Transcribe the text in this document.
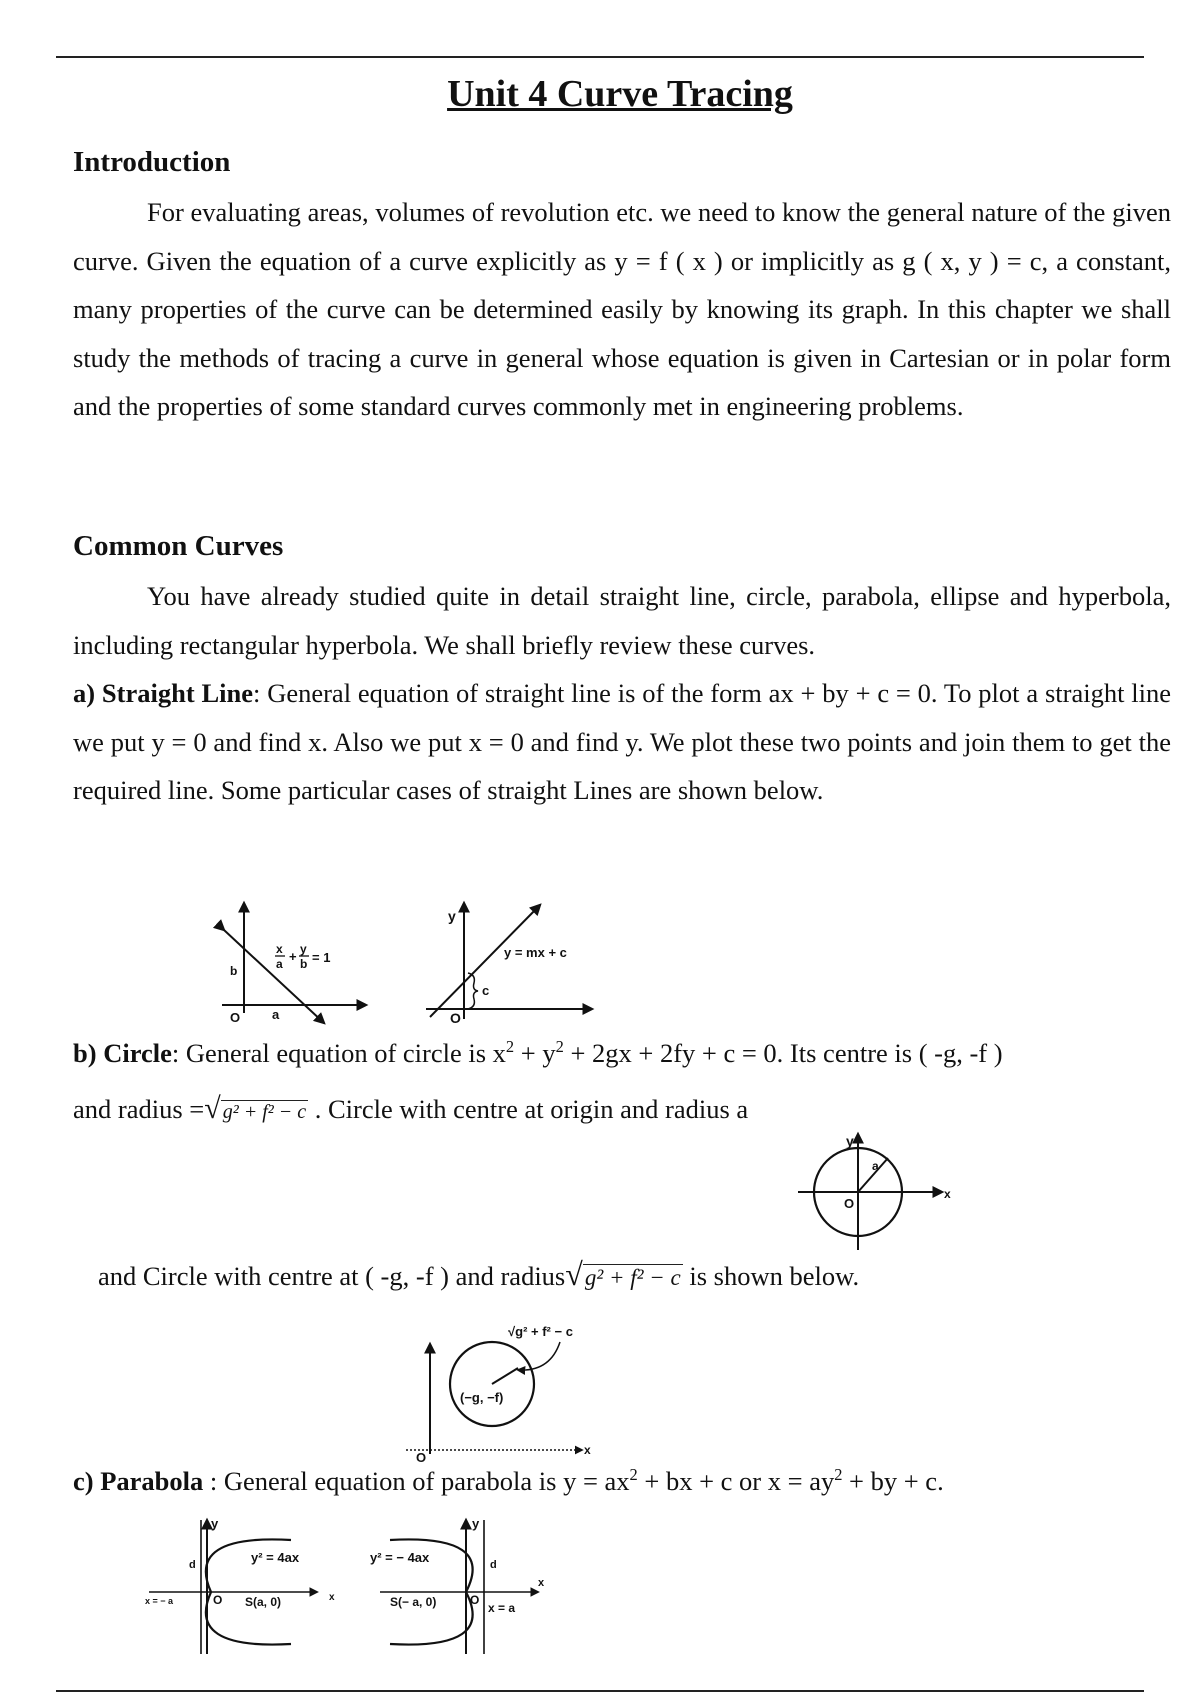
Unit 4 Curve Tracing
Introduction

For evaluating areas, volumes of revolution etc. we need to know the general nature of the given curve. Given the equation of a curve explicitly as y = f ( x ) or implicitly as g ( x, y ) = c, a constant, many properties of the curve can be determined easily by knowing its graph. In this chapter we shall study the methods of tracing a curve in general whose equation is given in Cartesian or in polar form and the properties of some standard curves commonly met in engineering problems.

Common Curves

You have already studied quite in detail straight line, circle, parabola, ellipse and hyperbola, including rectangular hyperbola. We shall briefly review these curves.

a) Straight Line: General equation of straight line is of the form ax + by + c = 0. To plot a straight line we put y = 0 and find x. Also we put x = 0 and find y. We plot these two points and join them to get the required line. Some particular cases of straight Lines are shown below.

x
a + y
b = 1
b
O a
y
y = mx + c
c
O
b) Circle: General equation of circle is $x^2 + y^2 + 2gx + 2fy + c = 0$. Its centre is ( -g, -f )
and radius =√ g² + f² − c . Circle with centre at origin and radius a
y
x
a
O
and Circle with centre at ( -g, -f ) and radius√g² + f² − c is shown below.
√g² + f² − c
(−g, −f)
O	x
c) Parabola : General equation of parabola is $y = ax^2$ + bx + c or $x = ay^2$ + by + c.
y
d	y² = 4ax
x = − a	O S(a, 0)	x
y
y² = − 4ax	d
S(− a, 0)	O
x = a
x
